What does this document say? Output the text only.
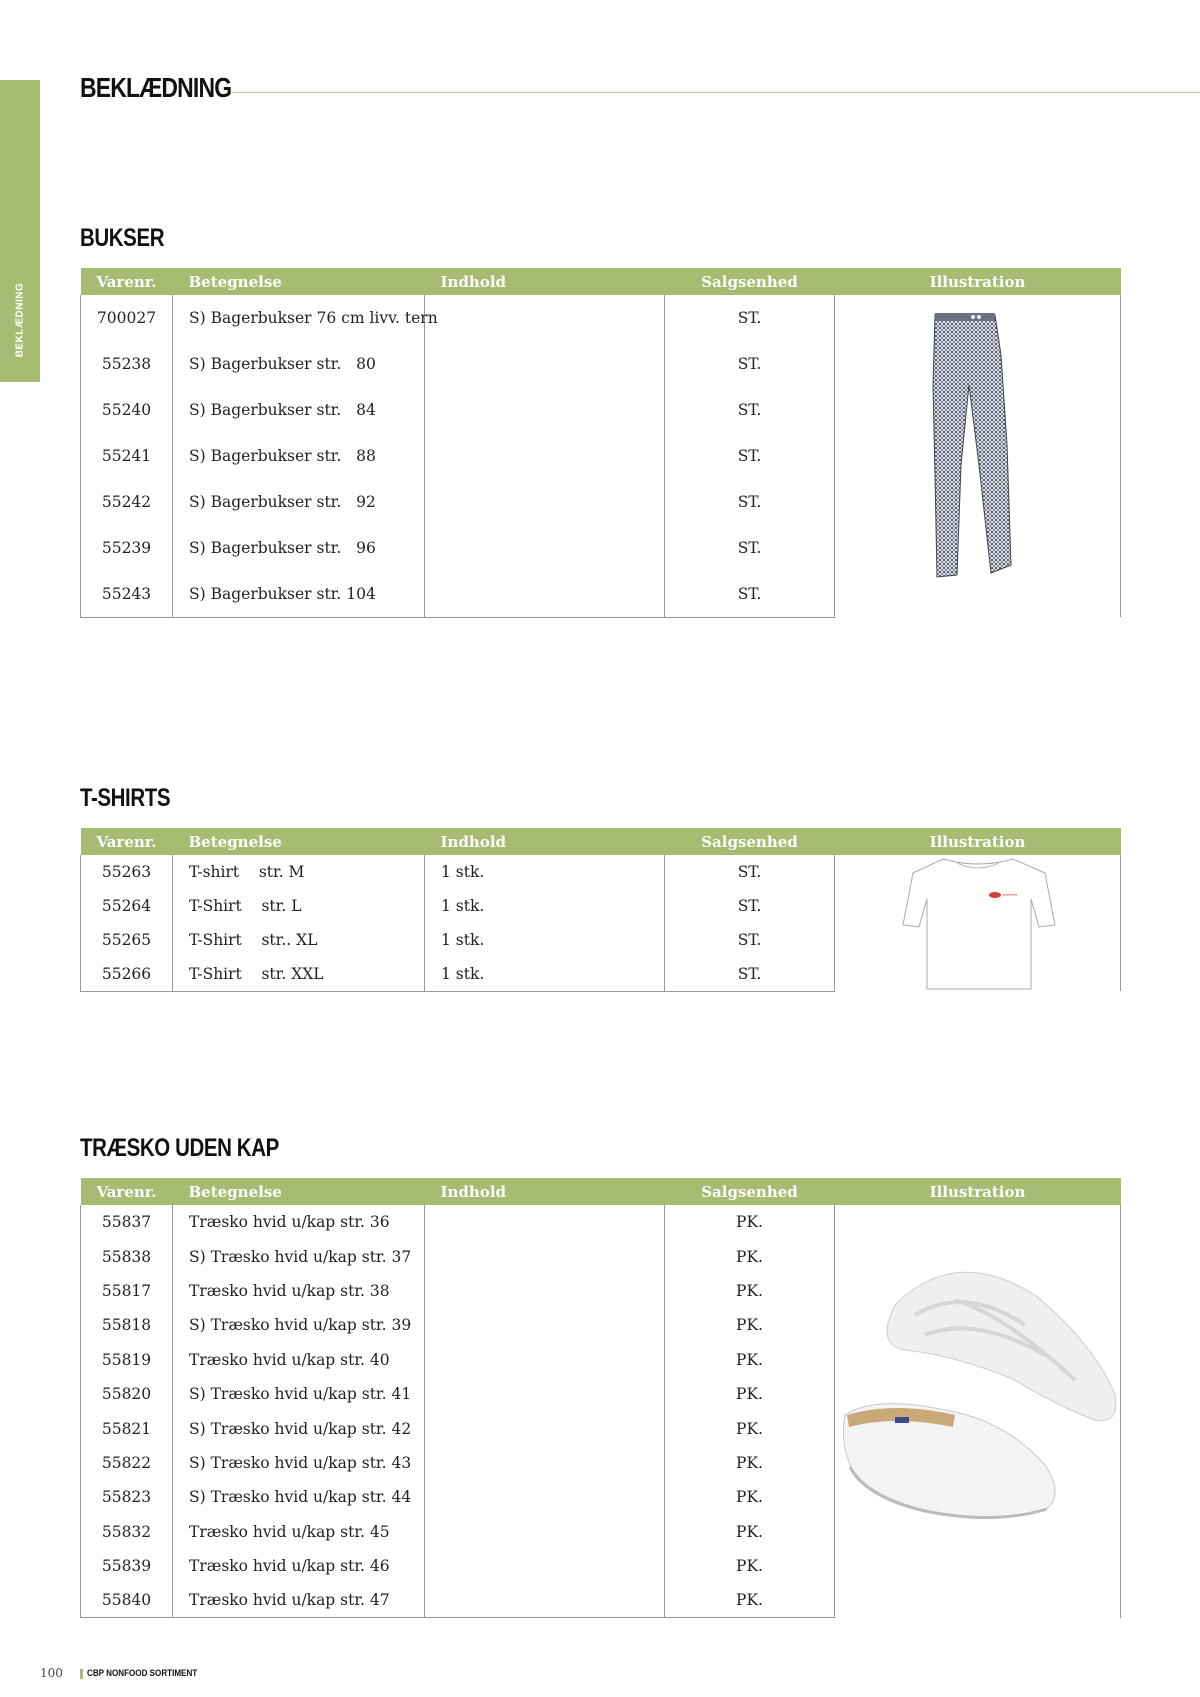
BEKLÆDNING
BEKLÆDNING
BUKSER
Varenr.	Betegnelse	Indhold	Salgsenhed	Illustration
700027	S) Bagerbukser 76 cm livv. tern		ST.	

55238	S) Bagerbukser str.   80		ST.	
55240	S) Bagerbukser str.   84		ST.	
55241	S) Bagerbukser str.   88		ST.	
55242	S) Bagerbukser str.   92		ST.	
55239	S) Bagerbukser str.   96		ST.	
55243	S) Bagerbukser str. 104		ST.	
T-SHIRTS
Varenr.	Betegnelse	Indhold	Salgsenhed	Illustration
55263	T-shirt    str. M	1 stk.	ST.	

55264	T-Shirt    str. L	1 stk.	ST.	
55265	T-Shirt    str.. XL	1 stk.	ST.	
55266	T-Shirt    str. XXL	1 stk.	ST.	
TRÆSKO UDEN KAP
Varenr.	Betegnelse	Indhold	Salgsenhed	Illustration
55837	Træsko hvid u/kap str. 36		PK.	

55838	S) Træsko hvid u/kap str. 37		PK.	
55817	Træsko hvid u/kap str. 38		PK.	
55818	S) Træsko hvid u/kap str. 39		PK.	
55819	Træsko hvid u/kap str. 40		PK.	
55820	S) Træsko hvid u/kap str. 41		PK.	
55821	S) Træsko hvid u/kap str. 42		PK.	
55822	S) Træsko hvid u/kap str. 43		PK.	
55823	S) Træsko hvid u/kap str. 44		PK.	
55832	Træsko hvid u/kap str. 45		PK.	
55839	Træsko hvid u/kap str. 46		PK.	
55840	Træsko hvid u/kap str. 47		PK.	
100	CBP NONFOOD SORTIMENT
